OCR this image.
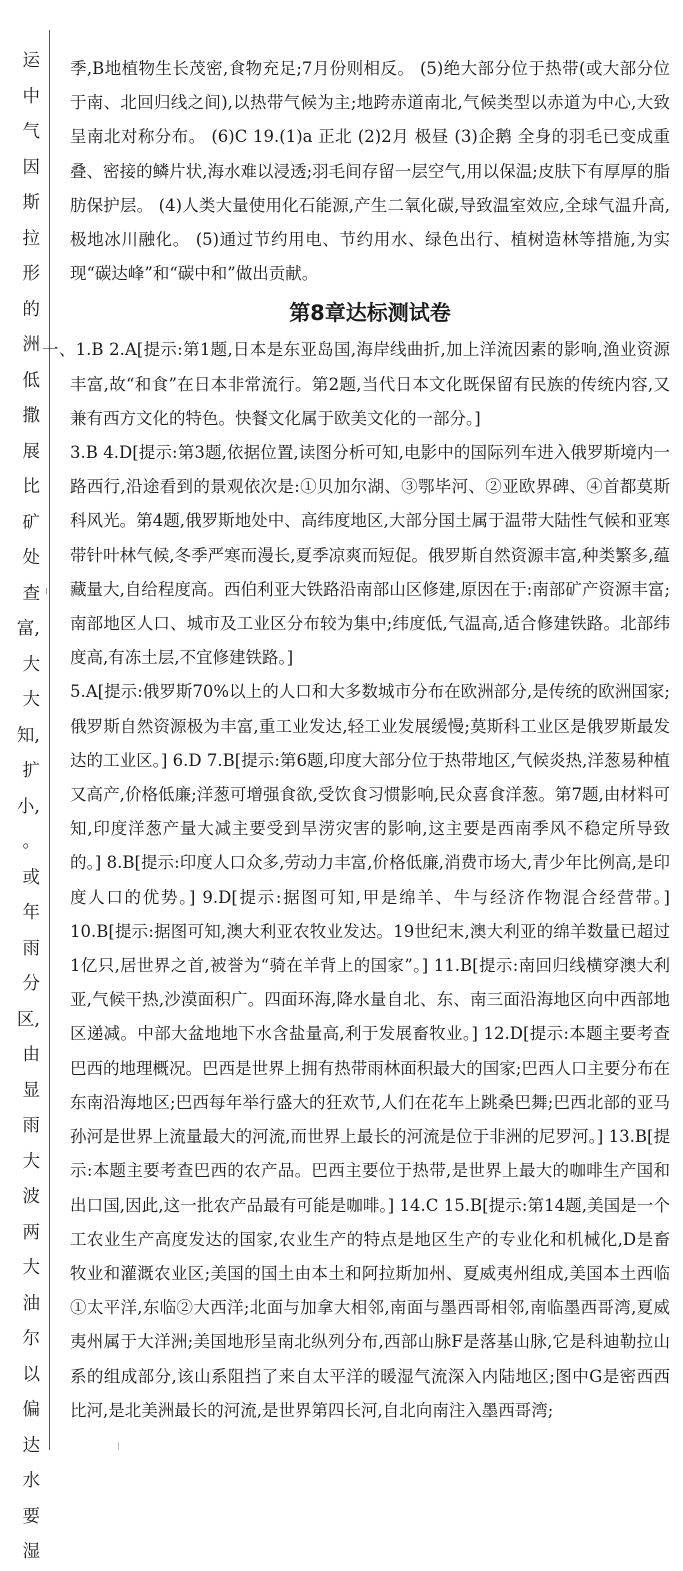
运
中
气
因
斯
拉
形
的
洲
低
撒
展
比
矿
处
查
富,
大
大
知,
扩
小,
。
或
年
雨
分
区,
由
显
雨
大
波
两
大
油
尔
以
偏
达
水
要
湿

季,B地植物生长茂密,食物充足;7月份则相反。 (5)绝大部分位于热带(或大部分位于南、北回归线之间),以热带气候为主;地跨赤道南北,气候类型以赤道为中心,大致呈南北对称分布。 (6)C 19.(1)a 正北 (2)2月 极昼 (3)企鹅 全身的羽毛已变成重叠、密接的鳞片状,海水难以浸透;羽毛间存留一层空气,用以保温;皮肤下有厚厚的脂肪保护层。 (4)人类大量使用化石能源,产生二氧化碳,导致温室效应,全球气温升高,极地冰川融化。 (5)通过节约用电、节约用水、绿色出行、植树造林等措施,为实现“碳达峰”和“碳中和”做出贡献。

第8章达标测试卷

一、1.B 2.A[提示:第1题,日本是东亚岛国,海岸线曲折,加上洋流因素的影响,渔业资源丰富,故“和食”在日本非常流行。第2题,当代日本文化既保留有民族的传统内容,又兼有西方文化的特色。快餐文化属于欧美文化的一部分。]

3.B 4.D[提示:第3题,依据位置,读图分析可知,电影中的国际列车进入俄罗斯境内一路西行,沿途看到的景观依次是:①贝加尔湖、③鄂毕河、②亚欧界碑、④首都莫斯科风光。第4题,俄罗斯地处中、高纬度地区,大部分国土属于温带大陆性气候和亚寒带针叶林气候,冬季严寒而漫长,夏季凉爽而短促。俄罗斯自然资源丰富,种类繁多,蕴藏量大,自给程度高。西伯利亚大铁路沿南部山区修建,原因在于:南部矿产资源丰富;南部地区人口、城市及工业区分布较为集中;纬度低,气温高,适合修建铁路。北部纬度高,有冻土层,不宜修建铁路。]

5.A[提示:俄罗斯70%以上的人口和大多数城市分布在欧洲部分,是传统的欧洲国家;俄罗斯自然资源极为丰富,重工业发达,轻工业发展缓慢;莫斯科工业区是俄罗斯最发达的工业区。] 6.D 7.B[提示:第6题,印度大部分位于热带地区,气候炎热,洋葱易种植又高产,价格低廉;洋葱可增强食欲,受饮食习惯影响,民众喜食洋葱。第7题,由材料可知,印度洋葱产量大减主要受到旱涝灾害的影响,这主要是西南季风不稳定所导致的。] 8.B[提示:印度人口众多,劳动力丰富,价格低廉,消费市场大,青少年比例高,是印度人口的优势。] 9.D[提示:据图可知,甲是绵羊、牛与经济作物混合经营带。] 10.B[提示:据图可知,澳大利亚农牧业发达。19世纪末,澳大利亚的绵羊数量已超过1亿只,居世界之首,被誉为“骑在羊背上的国家”。] 11.B[提示:南回归线横穿澳大利亚,气候干热,沙漠面积广。四面环海,降水量自北、东、南三面沿海地区向中西部地区递减。中部大盆地地下水含盐量高,利于发展畜牧业。] 12.D[提示:本题主要考查巴西的地理概况。巴西是世界上拥有热带雨林面积最大的国家;巴西人口主要分布在东南沿海地区;巴西每年举行盛大的狂欢节,人们在花车上跳桑巴舞;巴西北部的亚马孙河是世界上流量最大的河流,而世界上最长的河流是位于非洲的尼罗河。] 13.B[提示:本题主要考查巴西的农产品。巴西主要位于热带,是世界上最大的咖啡生产国和出口国,因此,这一批农产品最有可能是咖啡。] 14.C 15.B[提示:第14题,美国是一个工农业生产高度发达的国家,农业生产的特点是地区生产的专业化和机械化,D是畜牧业和灌溉农业区;美国的国土由本土和阿拉斯加州、夏威夷州组成,美国本土西临①太平洋,东临②大西洋;北面与加拿大相邻,南面与墨西哥相邻,南临墨西哥湾,夏威夷州属于大洋洲;美国地形呈南北纵列分布,西部山脉F是落基山脉,它是科迪勒拉山系的组成部分,该山系阻挡了来自太平洋的暖湿气流深入内陆地区;图中G是密西西比河,是北美洲最长的河流,是世界第四长河,自北向南注入墨西哥湾;
